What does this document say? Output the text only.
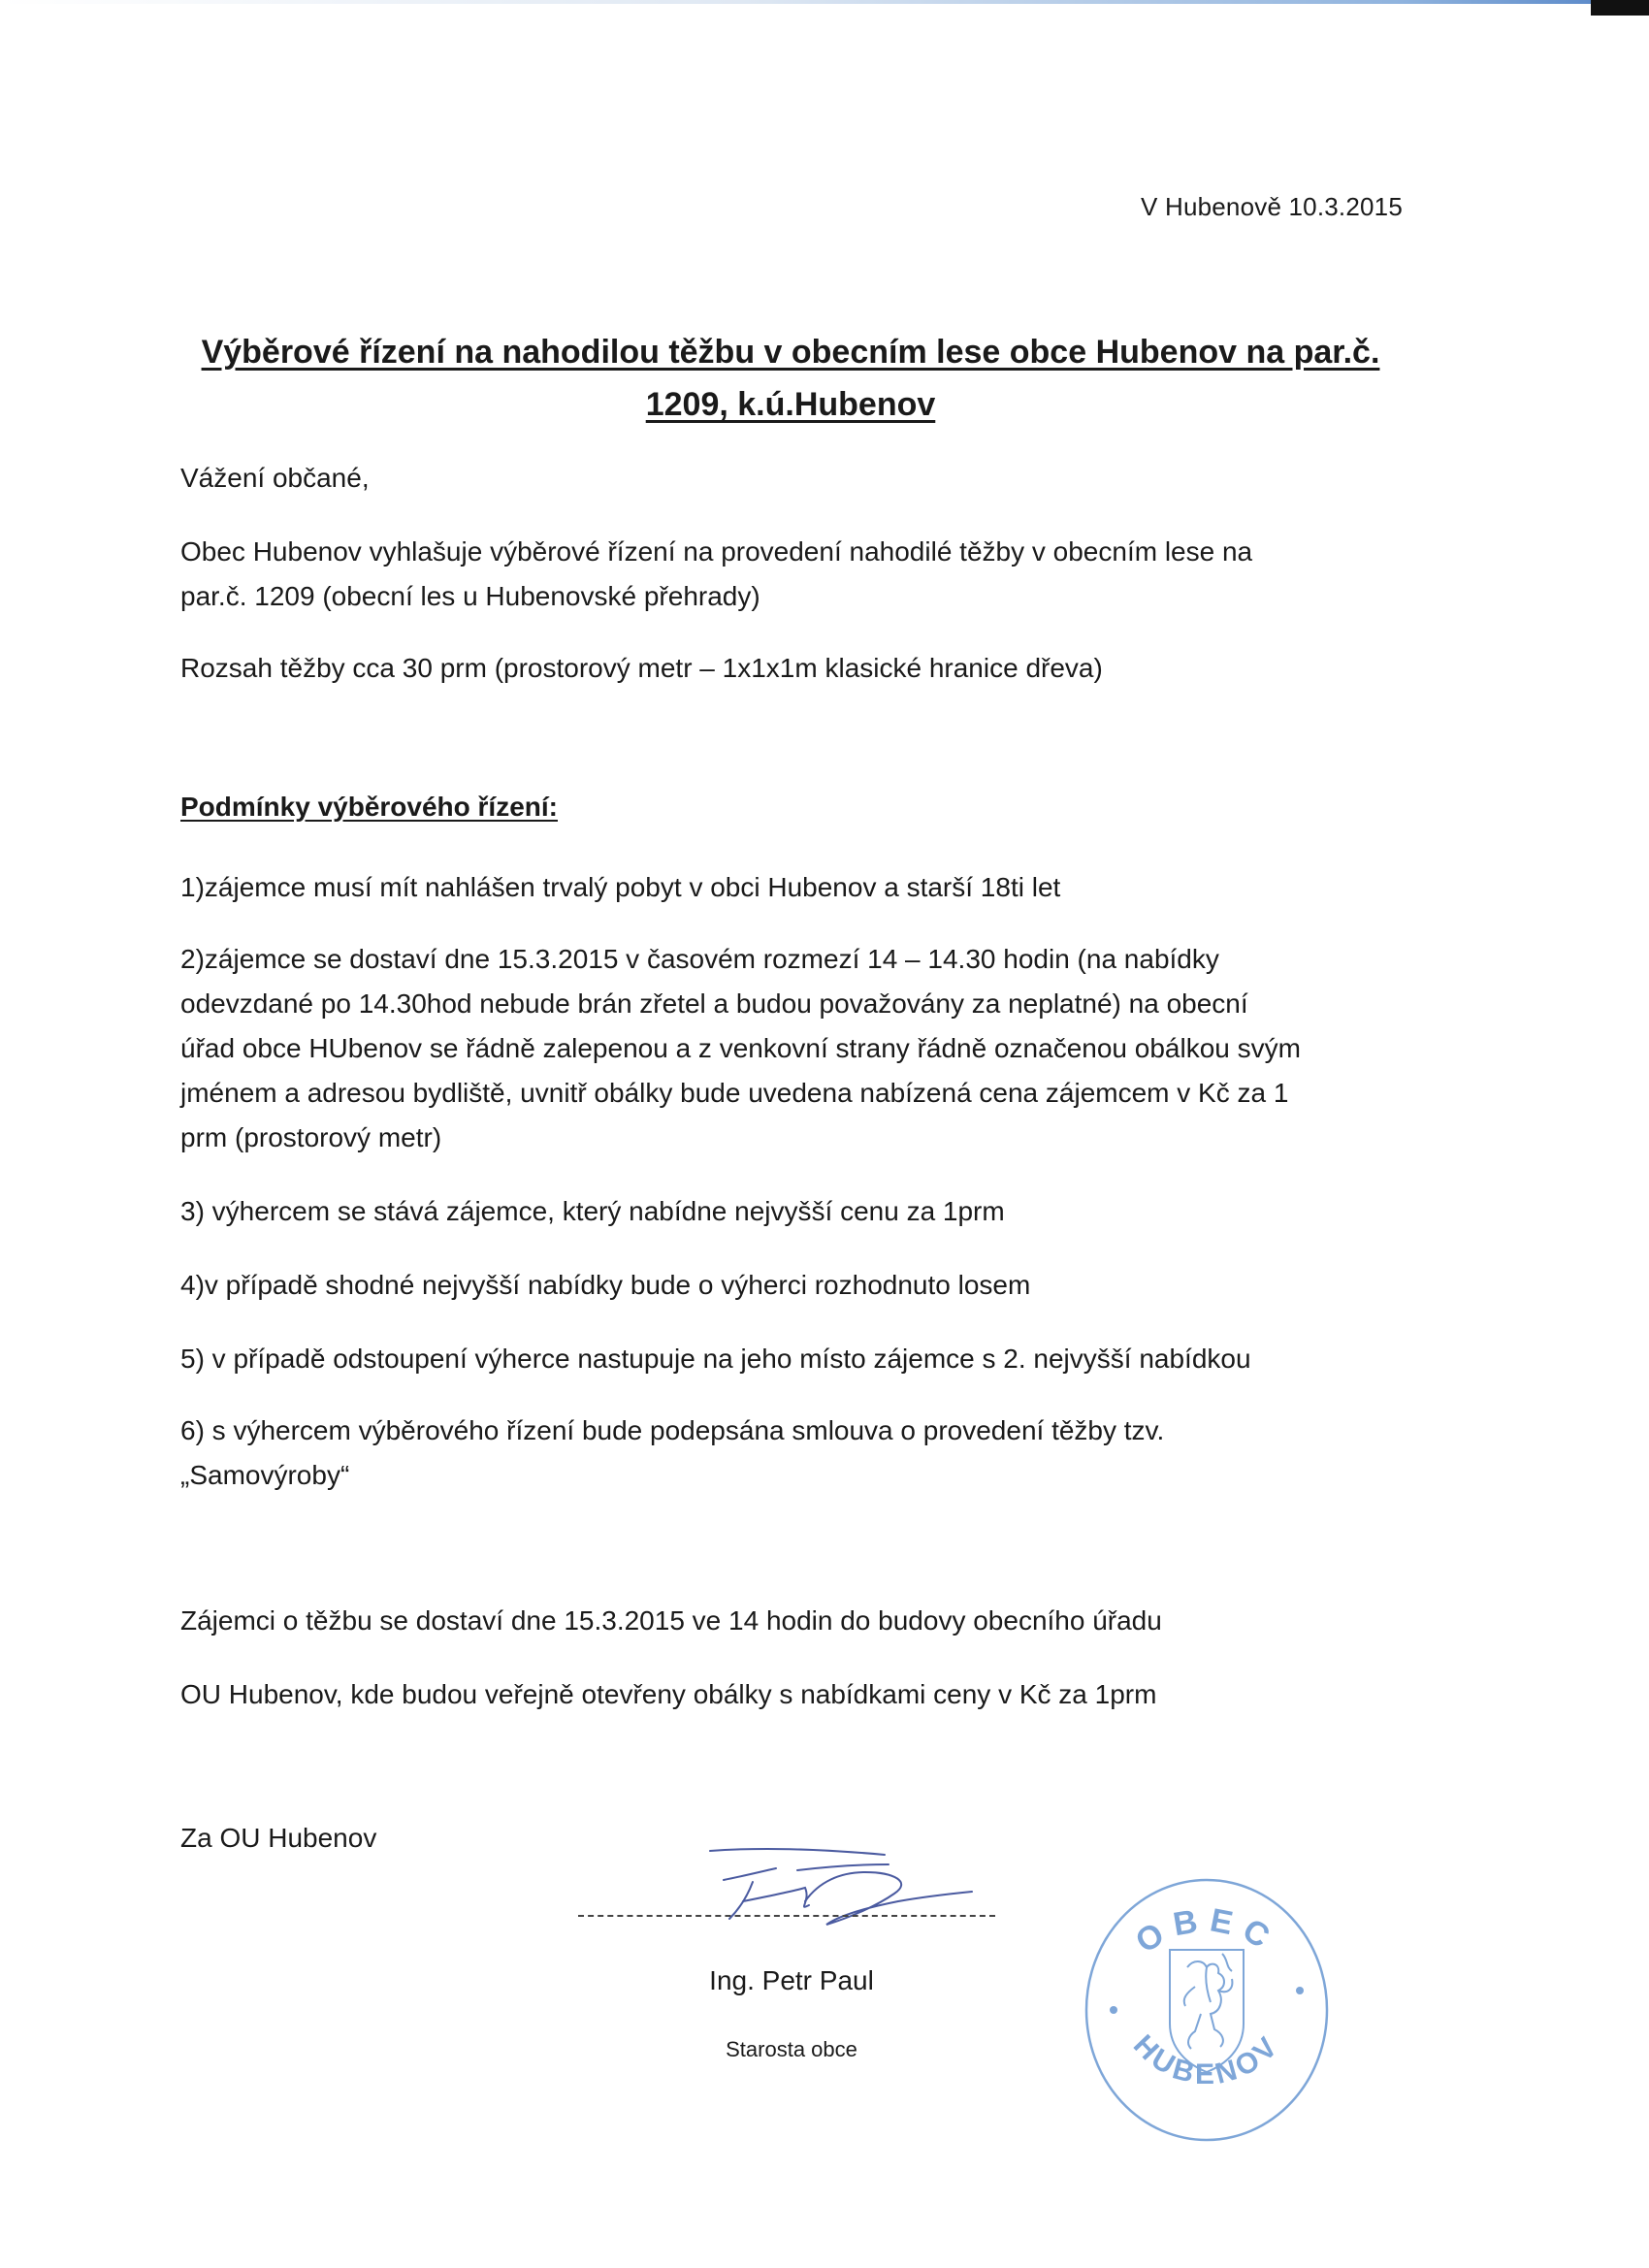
V Hubenově 10.3.2015
Výběrové řízení na nahodilou těžbu v obecním lese obce Hubenov na par.č.
1209, k.ú.Hubenov
Vážení občané,
Obec Hubenov vyhlašuje výběrové řízení na provedení nahodilé těžby v obecním lese na
par.č. 1209 (obecní les u Hubenovské přehrady)
Rozsah těžby cca 30 prm (prostorový metr – 1x1x1m klasické hranice dřeva)
Podmínky výběrového řízení:
1)zájemce musí mít nahlášen trvalý pobyt v obci Hubenov a starší 18ti let
2)zájemce se dostaví dne 15.3.2015 v časovém rozmezí 14 – 14.30 hodin (na nabídky
odevzdané po 14.30hod nebude brán zřetel a budou považovány za neplatné) na obecní
úřad obce HUbenov se řádně zalepenou a z venkovní strany řádně označenou obálkou svým
jménem a adresou bydliště, uvnitř obálky bude uvedena nabízená cena zájemcem v Kč za 1
prm (prostorový metr)
3) výhercem se stává zájemce, který nabídne nejvyšší cenu za 1prm
4)v případě shodné nejvyšší nabídky bude o výherci rozhodnuto losem
5) v případě odstoupení výherce nastupuje na jeho místo zájemce s 2. nejvyšší nabídkou
6) s výhercem výběrového řízení bude podepsána smlouva o provedení těžby tzv.
„Samovýroby“
Zájemci o těžbu se dostaví dne 15.3.2015 ve 14 hodin do budovy obecního úřadu
OU Hubenov, kde budou veřejně otevřeny obálky s nabídkami ceny v Kč za 1prm
Za OU Hubenov
Ing. Petr Paul
Starosta obce
OBEC
HUBENOV
